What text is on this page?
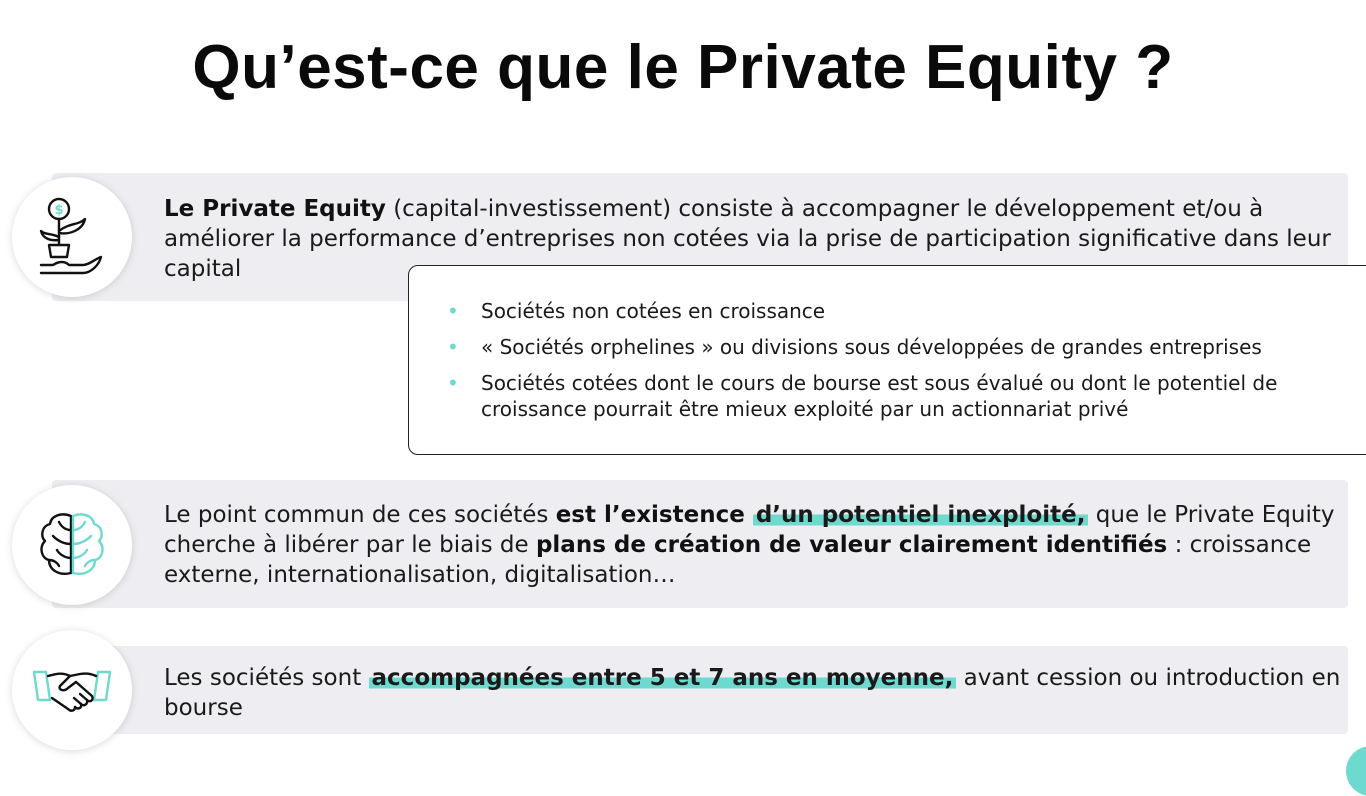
Qu’est-ce que le Private Equity ?
$	Le Private Equity (capital-investissement) consiste à accompagner le développement et/ou à améliorer la performance d’entreprises non cotées via la prise de participation significative dans leur capital
• Sociétés non cotées en croissance
• « Sociétés orphelines » ou divisions sous développées de grandes entreprises
• Sociétés cotées dont le cours de bourse est sous évalué ou dont le potentiel de croissance pourrait être mieux exploité par un actionnariat privé
Le point commun de ces sociétés est l’existence d’un potentiel inexploité, que le Private Equity cherche à libérer par le biais de plans de création de valeur clairement identifiés : croissance externe, internationalisation, digitalisation…
Les sociétés sont accompagnées entre 5 et 7 ans en moyenne, avant cession ou introduction en bourse
